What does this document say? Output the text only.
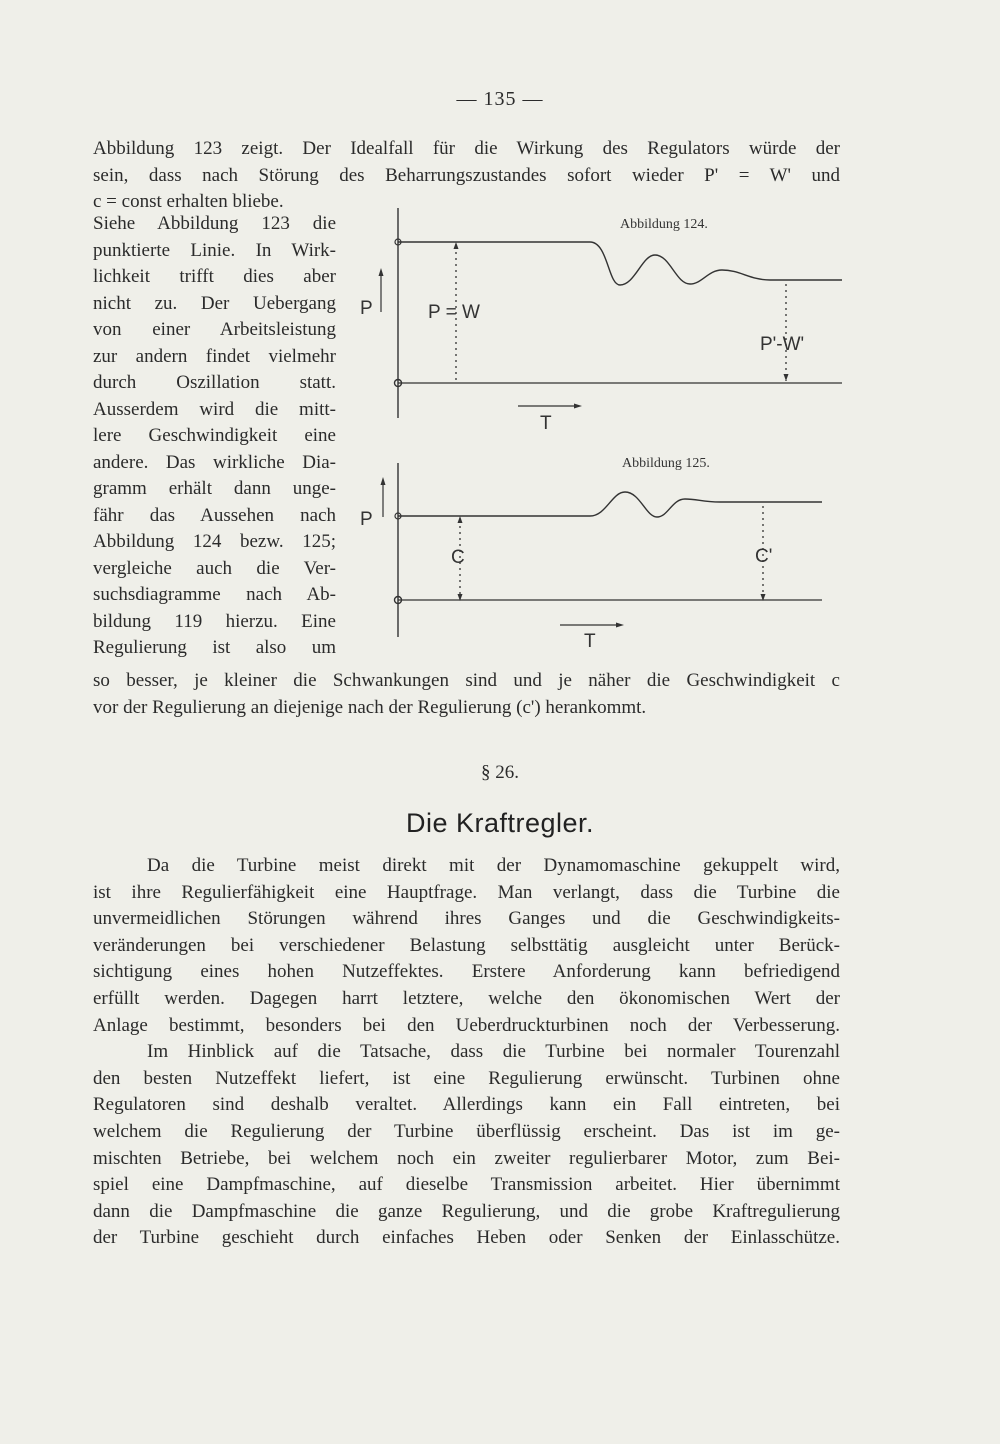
— 135 —
Abbildung 123 zeigt. Der Idealfall für die Wirkung des Regulators würde der
sein, dass nach Störung des Beharrungszustandes sofort wieder P' = W' und
c = const erhalten bliebe.
Siehe Abbildung 123 die
punktierte Linie. In Wirk-
lichkeit trifft dies aber
nicht zu. Der Uebergang
von einer Arbeitsleistung
zur andern findet vielmehr
durch Oszillation statt.
Ausserdem wird die mitt-
lere Geschwindigkeit eine
andere. Das wirkliche Dia-
gramm erhält dann unge-
fähr das Aussehen nach
Abbildung 124 bezw. 125;
vergleiche auch die Ver-
suchsdiagramme nach Ab-
bildung 119 hierzu. Eine
Regulierung ist also um
Abbildung 124.
P	P = W
P'-W'
T
Abbildung 125.
P
C	C'
T
so besser, je kleiner die Schwankungen sind und je näher die Geschwindigkeit c
vor der Regulierung an diejenige nach der Regulierung (c') herankommt.
§ 26.
Die Kraftregler.
Da die Turbine meist direkt mit der Dynamomaschine gekuppelt wird,
ist ihre Regulierfähigkeit eine Hauptfrage. Man verlangt, dass die Turbine die
unvermeidlichen Störungen während ihres Ganges und die Geschwindigkeits-
veränderungen bei verschiedener Belastung selbsttätig ausgleicht unter Berück-
sichtigung eines hohen Nutzeffektes. Erstere Anforderung kann befriedigend
erfüllt werden. Dagegen harrt letztere, welche den ökonomischen Wert der
Anlage bestimmt, besonders bei den Ueberdruckturbinen noch der Verbesserung.
Im Hinblick auf die Tatsache, dass die Turbine bei normaler Tourenzahl
den besten Nutzeffekt liefert, ist eine Regulierung erwünscht. Turbinen ohne
Regulatoren sind deshalb veraltet. Allerdings kann ein Fall eintreten, bei
welchem die Regulierung der Turbine überflüssig erscheint. Das ist im ge-
mischten Betriebe, bei welchem noch ein zweiter regulierbarer Motor, zum Bei-
spiel eine Dampfmaschine, auf dieselbe Transmission arbeitet. Hier übernimmt
dann die Dampfmaschine die ganze Regulierung, und die grobe Kraftregulierung
der Turbine geschieht durch einfaches Heben oder Senken der Einlasschütze.
